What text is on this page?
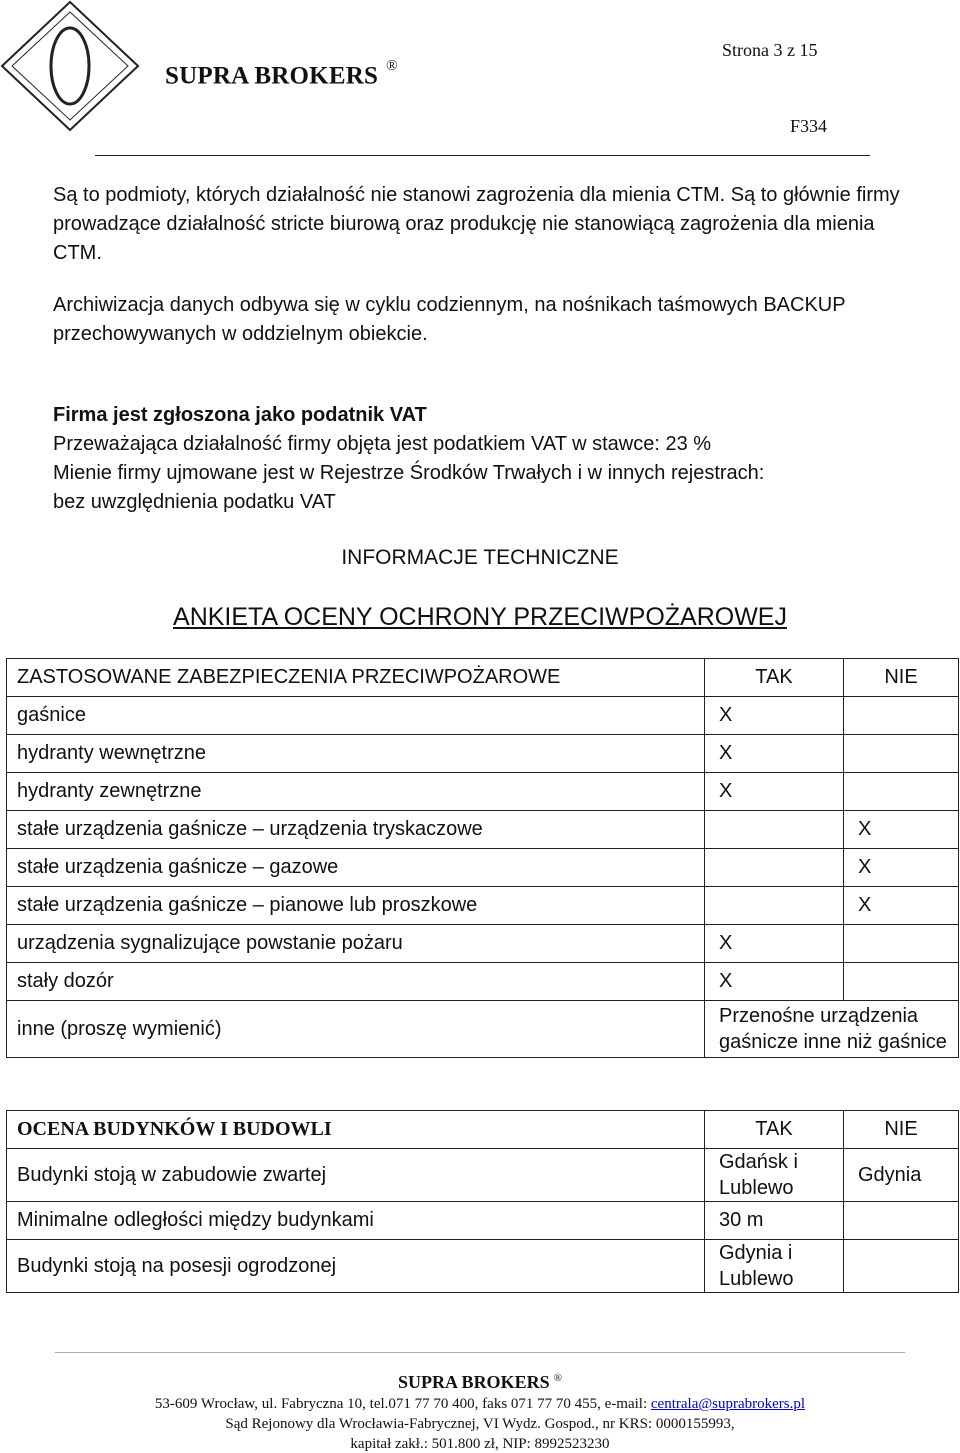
Strona 3 z 15
SUPRA BROKERS ®
F334
Są to podmioty, których działalność nie stanowi zagrożenia dla mienia CTM. Są to głównie firmy prowadzące działalność stricte biurową oraz produkcję nie stanowiącą zagrożenia dla mienia CTM.
Archiwizacja danych odbywa się w cyklu codziennym, na nośnikach taśmowych BACKUP przechowywanych w oddzielnym obiekcie.
Firma jest zgłoszona jako podatnik VAT
Przeważająca działalność firmy objęta jest podatkiem VAT w stawce: 23 %
Mienie firmy ujmowane jest w Rejestrze Środków Trwałych i w innych rejestrach:
bez uwzględnienia podatku VAT
INFORMACJE TECHNICZNE
ANKIETA OCENY OCHRONY PRZECIWPOŻAROWEJ
ZASTOSOWANE ZABEZPIECZENIA PRZECIWPOŻAROWE	TAK	NIE
gaśnice	X	
hydranty wewnętrzne	X	
hydranty zewnętrzne	X	
stałe urządzenia gaśnicze – urządzenia tryskaczowe		X
stałe urządzenia gaśnicze – gazowe		X
stałe urządzenia gaśnicze – pianowe lub proszkowe		X
urządzenia sygnalizujące powstanie pożaru	X	
stały dozór	X	
inne (proszę wymienić)	Przenośne urządzenia gaśnicze inne niż gaśnice	
OCENA BUDYNKÓW I BUDOWLI	TAK	NIE
Budynki stoją w zabudowie zwartej	Gdańsk i Lublewo	Gdynia
Minimalne odległości między budynkami	30 m	
Budynki stoją na posesji ogrodzonej	Gdynia i Lublewo	
SUPRA BROKERS ®
53-609 Wrocław, ul. Fabryczna 10, tel.071 77 70 400, faks 071 77 70 455, e-mail: centrala@suprabrokers.pl
Sąd Rejonowy dla Wrocławia-Fabrycznej, VI Wydz. Gospod., nr KRS: 0000155993,
kapitał zakł.: 501.800 zł, NIP: 8992523230
